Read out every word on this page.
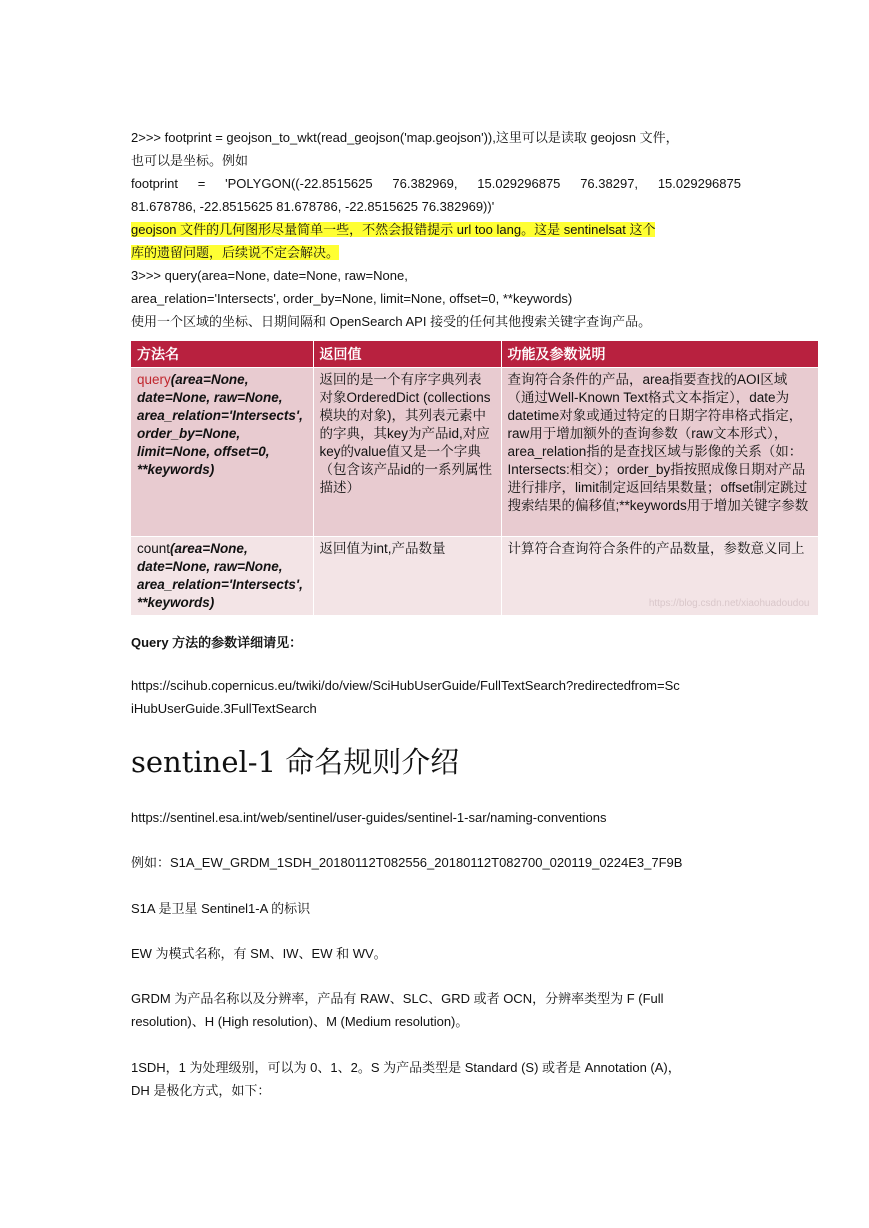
2>>> footprint = geojson_to_wkt(read_geojson('map.geojson')),这里可以是读取 geojosn 文件，
也可以是坐标。例如
footprint = 'POLYGON((-22.8515625 76.382969, 15.029296875 76.38297, 15.029296875
81.678786, -22.8515625 81.678786, -22.8515625 76.382969))'
geojson 文件的几何图形尽量简单一些，不然会报错提示 url too lang。这是 sentinelsat 这个
库的遗留问题，后续说不定会解决。
3>>> query(area=None, date=None, raw=None,
area_relation='Intersects', order_by=None, limit=None, offset=0, **keywords)
使用一个区域的坐标、日期间隔和 OpenSearch API 接受的任何其他搜索关键字查询产品。
方法名	返回值	功能及参数说明
query(area=None, date=None, raw=None, area_relation='Intersects', order_by=None, limit=None, offset=0, **keywords)	返回的是一个有序字典列表对象OrderedDict (collections模块的对象)，其列表元素中的字典，其key为产品id,对应key的value值又是一个字典（包含该产品id的一系列属性描述）	查询符合条件的产品，area指要查找的AOI区域（通过Well-Known Text格式文本指定），date为datetime对象或通过特定的日期字符串格式指定，raw用于增加额外的查询参数（raw文本形式），area_relation指的是查找区域与影像的关系（如：Intersects:相交）；order_by指按照成像日期对产品进行排序，limit制定返回结果数量；offset制定跳过搜索结果的偏移值;**keywords用于增加关键字参数
count(area=None, date=None, raw=None, area_relation='Intersects', **keywords)	返回值为int,产品数量	计算符合查询符合条件的产品数量，参数意义同上
https://blog.csdn.net/xiaohuadoudou
Query 方法的参数详细请见：
https://scihub.copernicus.eu/twiki/do/view/SciHubUserGuide/FullTextSearch?redirectedfrom=Sc
iHubUserGuide.3FullTextSearch
sentinel-1 命名规则介绍
https://sentinel.esa.int/web/sentinel/user-guides/sentinel-1-sar/naming-conventions
例如：S1A_EW_GRDM_1SDH_20180112T082556_20180112T082700_020119_0224E3_7F9B
S1A 是卫星 Sentinel1-A 的标识
EW 为模式名称，有 SM、IW、EW 和 WV。
GRDM 为产品名称以及分辨率，产品有 RAW、SLC、GRD 或者 OCN，分辨率类型为 F (Full
resolution)、H (High resolution)、M (Medium resolution)。
1SDH，1 为处理级别，可以为 0、1、2。S 为产品类型是 Standard (S) 或者是 Annotation (A)，
DH 是极化方式，如下：
